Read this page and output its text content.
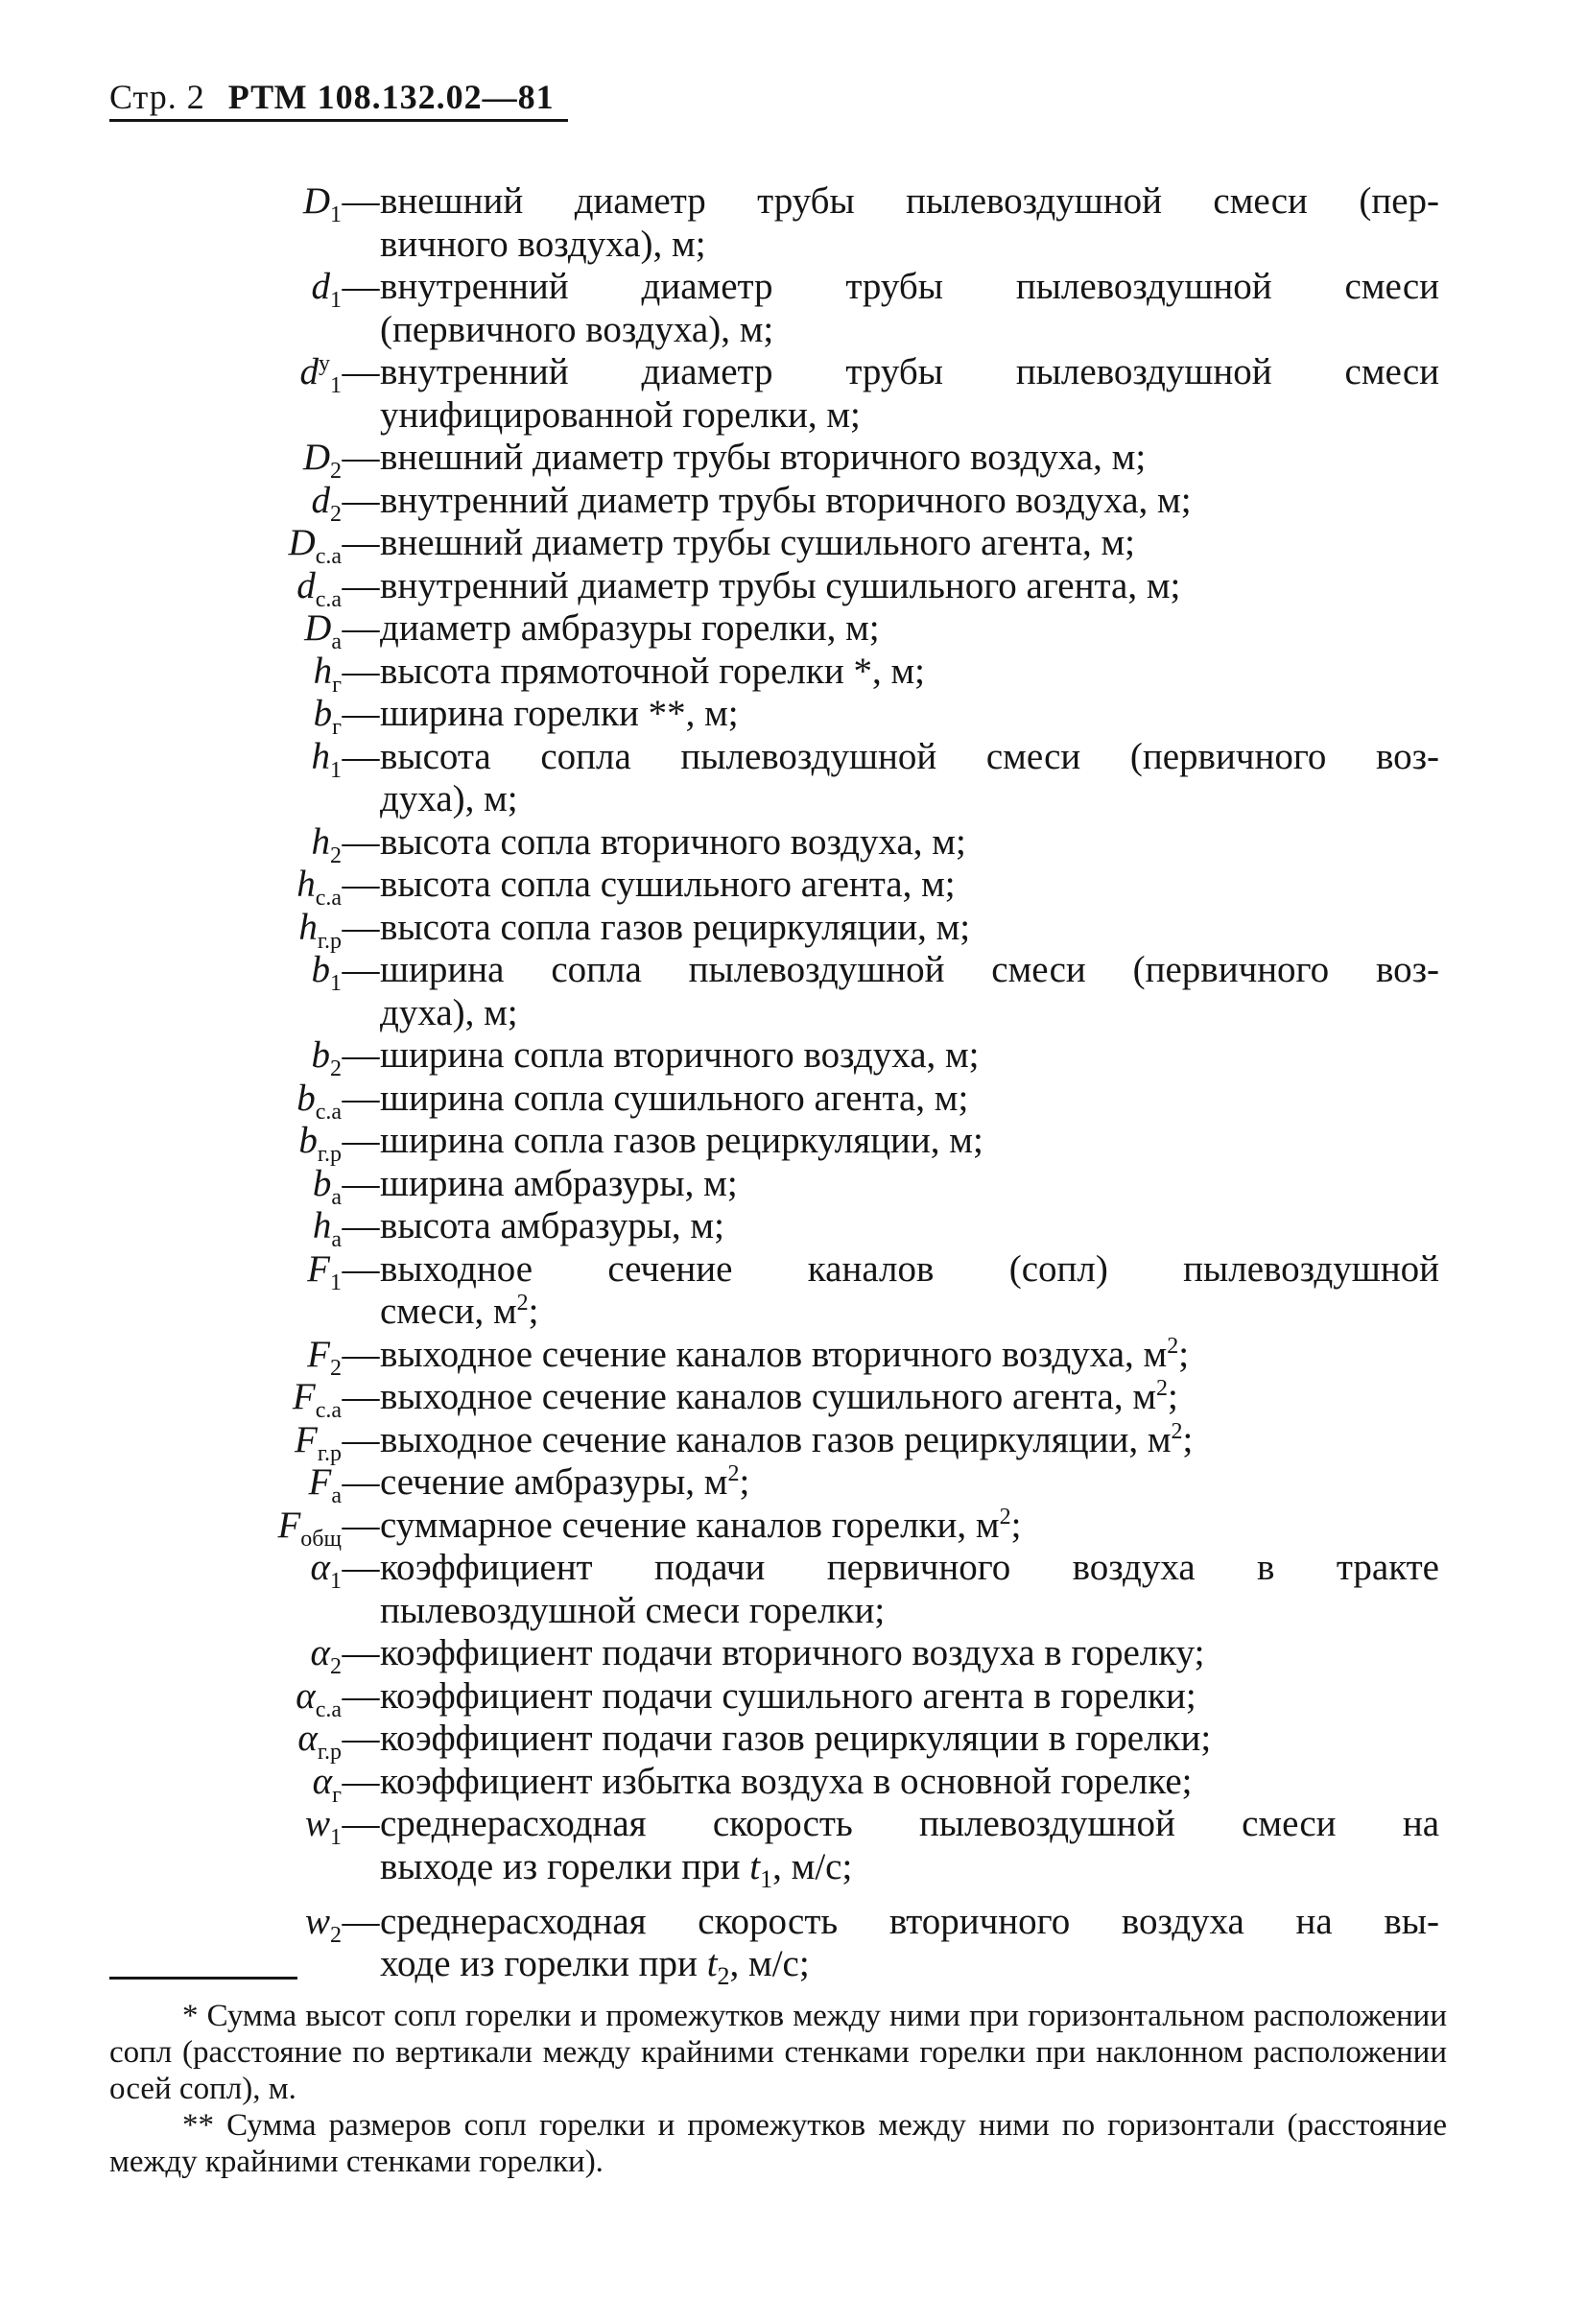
Стр. 2 РТМ 108.132.02—81
$D_1$ — внешний диаметр трубы пылевоздушной смеси (пер-
вичного воздуха), м;
$d_1$ — внутренний диаметр трубы пылевоздушной смеси
(первичного воздуха), м;
$d^у_1$ — внутренний диаметр трубы пылевоздушной смеси
унифицированной горелки, м;
$D_2$ — внешний диаметр трубы вторичного воздуха, м;
$d_2$ — внутренний диаметр трубы вторичного воздуха, м;
$D_{с.а}$ — внешний диаметр трубы сушильного агента, м;
$d_{с.а}$ — внутренний диаметр трубы сушильного агента, м;
$D_а$ — диаметр амбразуры горелки, м;
$h_г$ — высота прямоточной горелки *, м;
$b_г$ — ширина горелки **, м;
$h_1$ — высота сопла пылевоздушной смеси (первичного воз-
духа), м;
$h_2$ — высота сопла вторичного воздуха, м;
$h_{с.а}$ — высота сопла сушильного агента, м;
$h_{г.р}$ — высота сопла газов рециркуляции, м;
$b_1$ — ширина сопла пылевоздушной смеси (первичного воз-
духа), м;
$b_2$ — ширина сопла вторичного воздуха, м;
$b_{с.а}$ — ширина сопла сушильного агента, м;
$b_{г.р}$ — ширина сопла газов рециркуляции, м;
$b_а$ — ширина амбразуры, м;
$h_а$ — высота амбразуры, м;
$F_1$ — выходное сечение каналов (сопл) пылевоздушной
смеси, $м^2$;
$F_2$ — выходное сечение каналов вторичного воздуха, $м^2$;
$F_{с.а}$ — выходное сечение каналов сушильного агента, $м^2$;
$F_{г.р}$ — выходное сечение каналов газов рециркуляции, $м^2$;
$F_а$ — сечение амбразуры, $м^2$;
$F_{общ}$ — суммарное сечение каналов горелки, $м^2$;
$\alpha_1$ — коэффициент подачи первичного воздуха в тракте
пылевоздушной смеси горелки;
$\alpha_2$ — коэффициент подачи вторичного воздуха в горелку;
$\alpha_{с.а}$ — коэффициент подачи сушильного агента в горелки;
$\alpha_{г.р}$ — коэффициент подачи газов рециркуляции в горелки;
$\alpha_г$ — коэффициент избытка воздуха в основной горелке;
$w_1$ — среднерасходная скорость пылевоздушной смеси на
выходе из горелки при $t_1$, м/с;
$w_2$ — среднерасходная скорость вторичного воздуха на вы-
ходе из горелки при $t_2$, м/с;
* Сумма высот сопл горелки и промежутков между ними при горизонтальном расположении сопл (расстояние по вертикали между крайними стенками горелки при наклонном расположении осей сопл), м.
** Сумма размеров сопл горелки и промежутков между ними по горизонтали (расстояние между крайними стенками горелки).
